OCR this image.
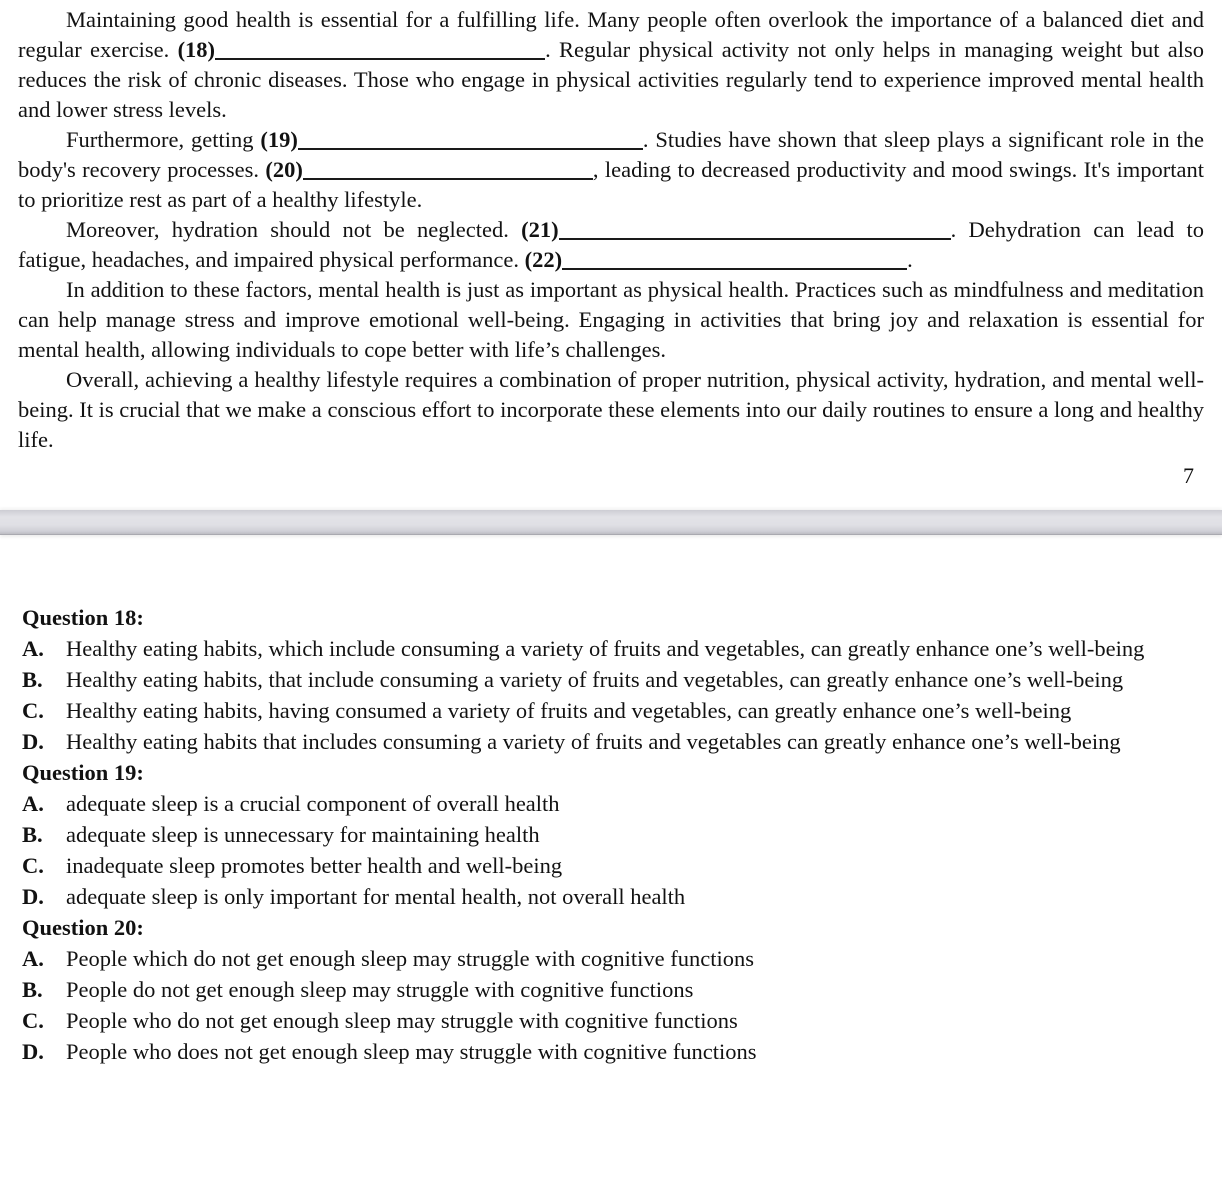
Maintaining good health is essential for a fulfilling life. Many people often overlook the importance of a balanced diet and regular exercise. (18)	. Regular physical activity not only helps in managing weight but also reduces the risk of chronic diseases. Those who engage in physical activities regularly tend to experience improved mental health and lower stress levels.

Furthermore, getting (19)	. Studies have shown that sleep plays a significant role in the body's recovery processes. (20)	, leading to decreased productivity and mood swings. It's important to prioritize rest as part of a healthy lifestyle.

Moreover, hydration should not be neglected. (21)	. Dehydration can lead to fatigue, headaches, and impaired physical performance. (22)	.

In addition to these factors, mental health is just as important as physical health. Practices such as mindfulness and meditation can help manage stress and improve emotional well-being. Engaging in activities that bring joy and relaxation is essential for mental health, allowing individuals to cope better with life’s challenges.

Overall, achieving a healthy lifestyle requires a combination of proper nutrition, physical activity, hydration, and mental well-being. It is crucial that we make a conscious effort to incorporate these elements into our daily routines to ensure a long and healthy life.

7

Question 18:

A. Healthy eating habits, which include consuming a variety of fruits and vegetables, can greatly enhance one’s well-being
B.	Healthy eating habits, that include consuming a variety of fruits and vegetables, can greatly enhance one’s well-being
C. Healthy eating habits, having consumed a variety of fruits and vegetables, can greatly enhance one’s well-being
D. Healthy eating habits that includes consuming a variety of fruits and vegetables can greatly enhance one’s well-being

Question 19:

A. adequate sleep is a crucial component of overall health
B.	adequate sleep is unnecessary for maintaining health
C. inadequate sleep promotes better health and well-being
D. adequate sleep is only important for mental health, not overall health

Question 20:

A. People which do not get enough sleep may struggle with cognitive functions
B.	People do not get enough sleep may struggle with cognitive functions
C. People who do not get enough sleep may struggle with cognitive functions
D. People who does not get enough sleep may struggle with cognitive functions
